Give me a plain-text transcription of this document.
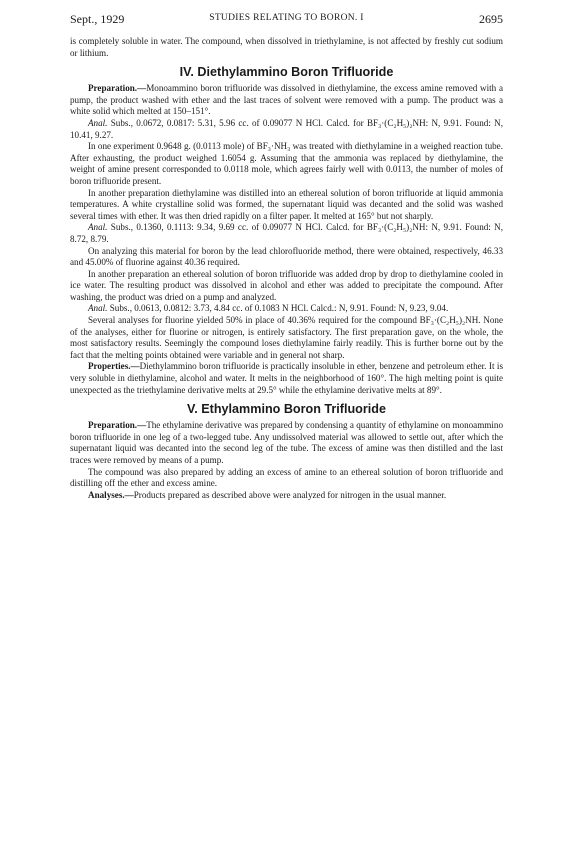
Sept., 1929	STUDIES RELATING TO BORON. I	2695

is completely soluble in water. The compound, when dissolved in triethylamine, is not affected by freshly cut sodium or lithium.

IV. Diethylammino Boron Trifluoride

Preparation.—Monoammino boron trifluoride was dissolved in diethylamine, the excess amine removed with a pump, the product washed with ether and the last traces of solvent were removed with a pump. The product was a white solid which melted at 150–151°.

Anal. Subs., 0.0672, 0.0817: 5.31, 5.96 cc. of 0.09077 N HCl. Calcd. for BF₃·(C₂H₅)₂NH: N, 9.91. Found: N, 10.41, 9.27.

In one experiment 0.9648 g. (0.0113 mole) of BF₃·NH₃ was treated with diethylamine in a weighed reaction tube. After exhausting, the product weighed 1.6054 g. Assuming that the ammonia was replaced by diethylamine, the weight of amine present corresponded to 0.0118 mole, which agrees fairly well with 0.0113, the number of moles of boron trifluoride present.

In another preparation diethylamine was distilled into an ethereal solution of boron trifluoride at liquid ammonia temperatures. A white crystalline solid was formed, the supernatant liquid was decanted and the solid was washed several times with ether. It was then dried rapidly on a filter paper. It melted at 165° but not sharply.

Anal. Subs., 0.1360, 0.1113: 9.34, 9.69 cc. of 0.09077 N HCl. Calcd. for BF₃·(C₂H₅)₂NH: N, 9.91. Found: N, 8.72, 8.79.

On analyzing this material for boron by the lead chlorofluoride method, there were obtained, respectively, 46.33 and 45.00% of fluorine against 40.36 required.

In another preparation an ethereal solution of boron trifluoride was added drop by drop to diethylamine cooled in ice water. The resulting product was dissolved in alcohol and ether was added to precipitate the compound. After washing, the product was dried on a pump and analyzed.

Anal. Subs., 0.0613, 0.0812: 3.73, 4.84 cc. of 0.1083 N HCl. Calcd.: N, 9.91. Found: N, 9.23, 9.04.

Several analyses for fluorine yielded 50% in place of 40.36% required for the compound BF₃·(C₂H₅)₂NH. None of the analyses, either for fluorine or nitrogen, is entirely satisfactory. The first preparation gave, on the whole, the most satisfactory results. Seemingly the compound loses diethylamine fairly readily. This is further borne out by the fact that the melting points obtained were variable and in general not sharp.

Properties.—Diethylammino boron trifluoride is practically insoluble in ether, benzene and petroleum ether. It is very soluble in diethylamine, alcohol and water. It melts in the neighborhood of 160°. The high melting point is quite unexpected as the triethylamine derivative melts at 29.5° while the ethylamine derivative melts at 89°.

V. Ethylammino Boron Trifluoride

Preparation.—The ethylamine derivative was prepared by condensing a quantity of ethylamine on monoammino boron trifluoride in one leg of a two-legged tube. Any undissolved material was allowed to settle out, after which the supernatant liquid was decanted into the second leg of the tube. The excess of amine was then distilled and the last traces were removed by means of a pump.

The compound was also prepared by adding an excess of amine to an ethereal solution of boron trifluoride and distilling off the ether and excess amine.

Analyses.—Products prepared as described above were analyzed for nitrogen in the usual manner.
